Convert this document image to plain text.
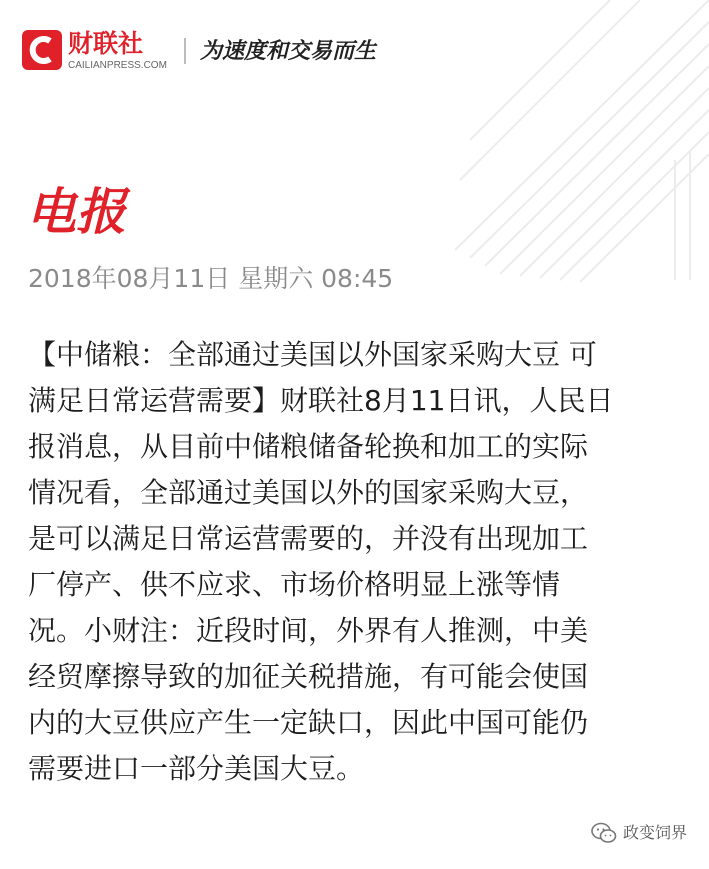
财联社
CAILIANPRESS.COM
为速度和交易而生
电报
2018年08月11日 星期六 08:45
【中储粮：全部通过美国以外国家采购大豆 可
满足日常运营需要】财联社8月11日讯，人民日
报消息，从目前中储粮储备轮换和加工的实际
情况看，全部通过美国以外的国家采购大豆，
是可以满足日常运营需要的，并没有出现加工
厂停产、供不应求、市场价格明显上涨等情
况。小财注：近段时间，外界有人推测，中美
经贸摩擦导致的加征关税措施，有可能会使国
内的大豆供应产生一定缺口，因此中国可能仍
需要进口一部分美国大豆。
政变饲界
